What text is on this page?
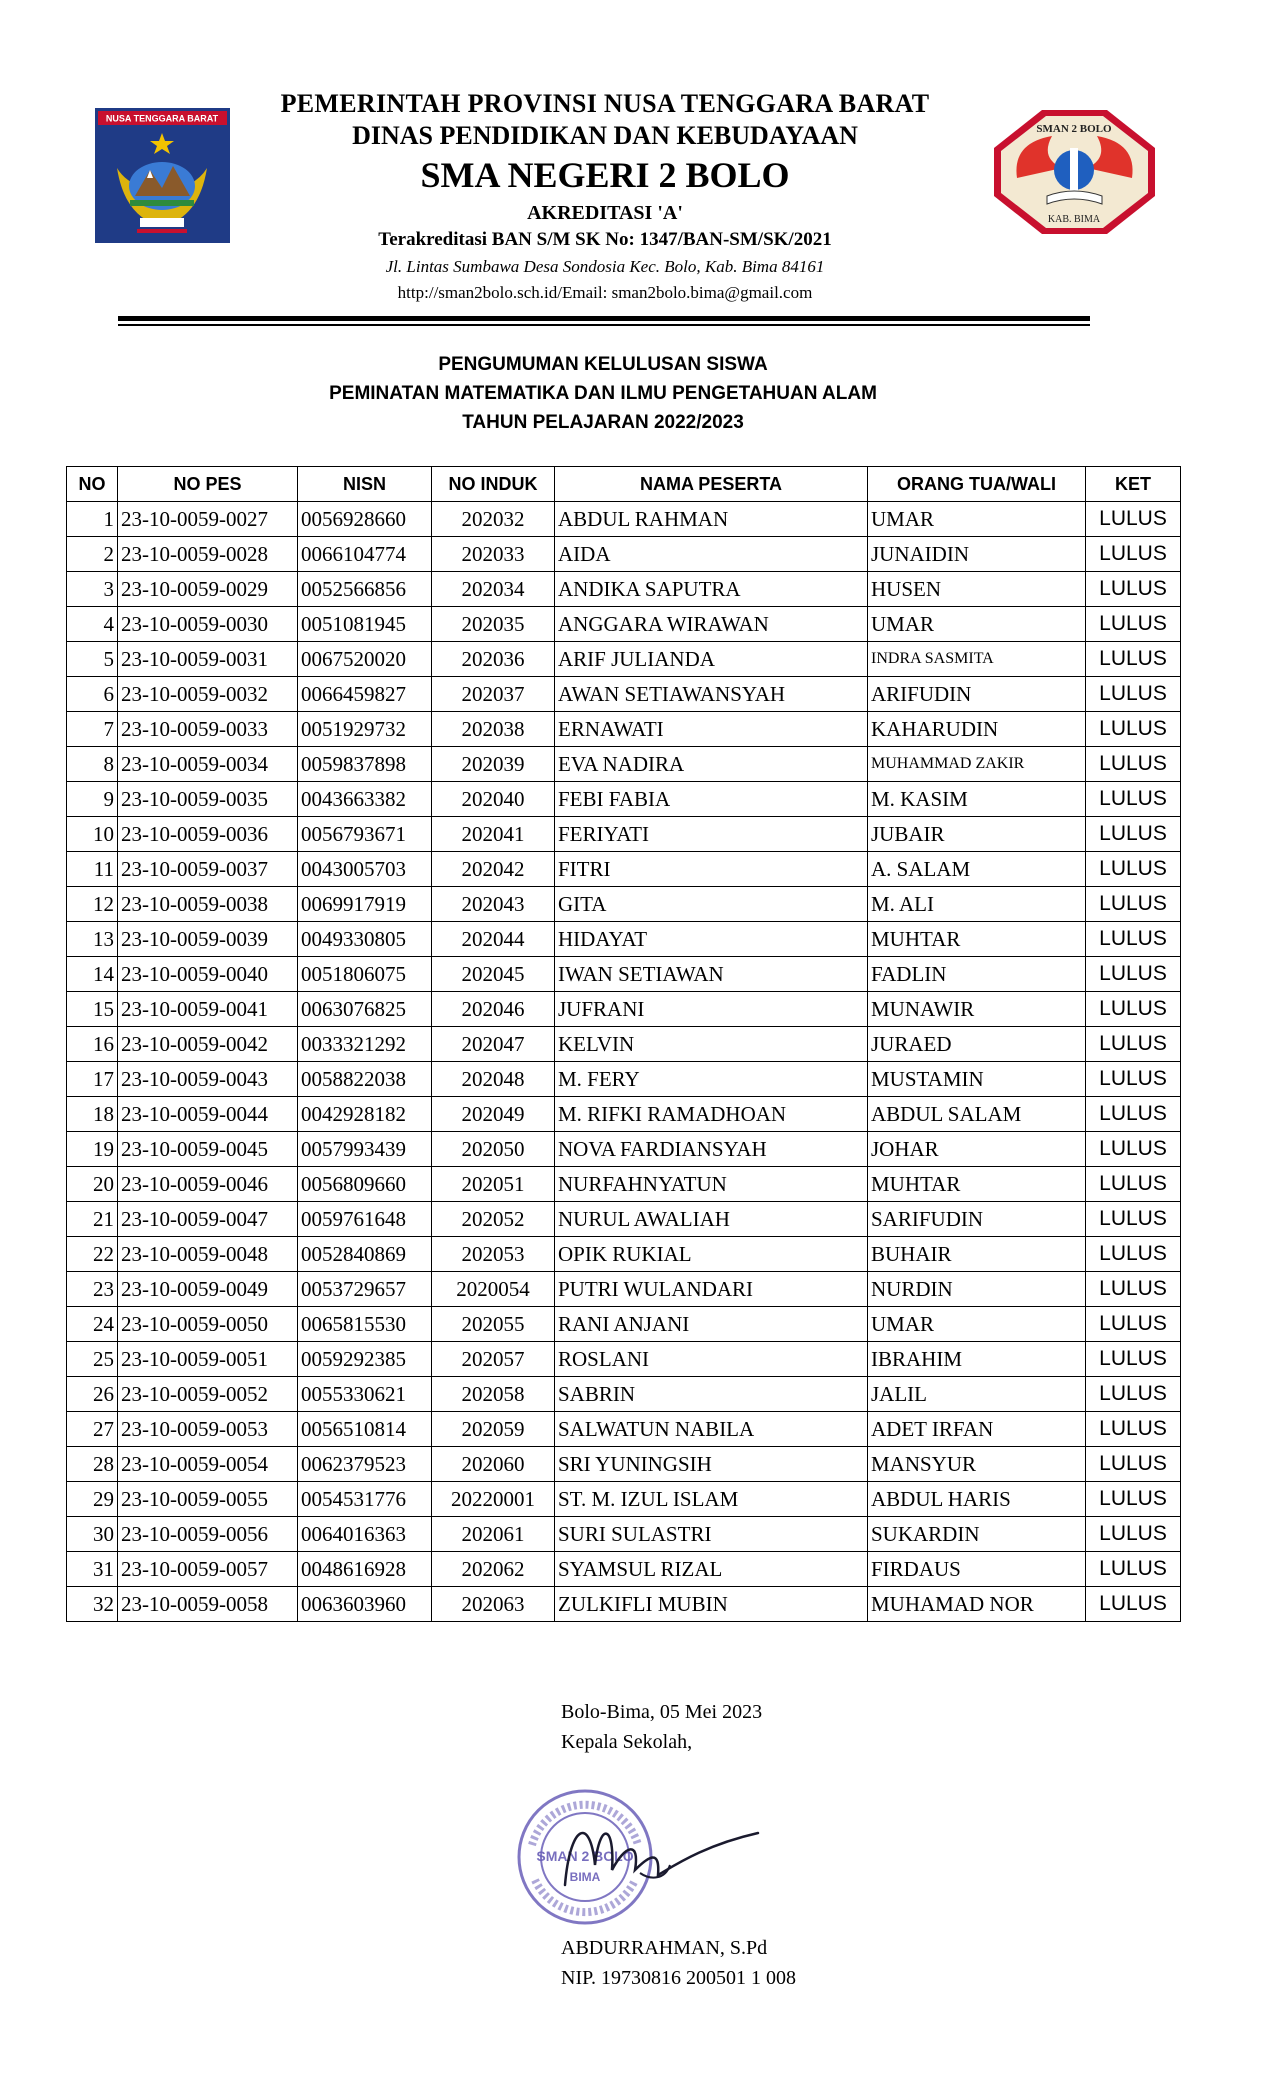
NUSA TENGGARA BARAT
SMAN 2 BOLO
KAB. BIMA
PEMERINTAH PROVINSI NUSA TENGGARA BARAT
DINAS PENDIDIKAN DAN KEBUDAYAAN
SMA NEGERI 2 BOLO
AKREDITASI 'A'
Terakreditasi BAN S/M SK No: 1347/BAN-SM/SK/2021
Jl. Lintas Sumbawa Desa Sondosia Kec. Bolo, Kab. Bima 84161
http://sman2bolo.sch.id/Email: sman2bolo.bima@gmail.com
PENGUMUMAN KELULUSAN SISWA
PEMINATAN MATEMATIKA DAN ILMU PENGETAHUAN ALAM
TAHUN PELAJARAN 2022/2023
NO	NO PES	NISN	NO INDUK	NAMA PESERTA	ORANG TUA/WALI	KET
1	23-10-0059-0027	0056928660	202032	ABDUL RAHMAN	UMAR	LULUS
2	23-10-0059-0028	0066104774	202033	AIDA	JUNAIDIN	LULUS
3	23-10-0059-0029	0052566856	202034	ANDIKA SAPUTRA	HUSEN	LULUS
4	23-10-0059-0030	0051081945	202035	ANGGARA WIRAWAN	UMAR	LULUS
5	23-10-0059-0031	0067520020	202036	ARIF JULIANDA	INDRA SASMITA	LULUS
6	23-10-0059-0032	0066459827	202037	AWAN SETIAWANSYAH	ARIFUDIN	LULUS
7	23-10-0059-0033	0051929732	202038	ERNAWATI	KAHARUDIN	LULUS
8	23-10-0059-0034	0059837898	202039	EVA NADIRA	MUHAMMAD ZAKIR	LULUS
9	23-10-0059-0035	0043663382	202040	FEBI FABIA	M. KASIM	LULUS
10	23-10-0059-0036	0056793671	202041	FERIYATI	JUBAIR	LULUS
11	23-10-0059-0037	0043005703	202042	FITRI	A. SALAM	LULUS
12	23-10-0059-0038	0069917919	202043	GITA	M. ALI	LULUS
13	23-10-0059-0039	0049330805	202044	HIDAYAT	MUHTAR	LULUS
14	23-10-0059-0040	0051806075	202045	IWAN SETIAWAN	FADLIN	LULUS
15	23-10-0059-0041	0063076825	202046	JUFRANI	MUNAWIR	LULUS
16	23-10-0059-0042	0033321292	202047	KELVIN	JURAED	LULUS
17	23-10-0059-0043	0058822038	202048	M. FERY	MUSTAMIN	LULUS
18	23-10-0059-0044	0042928182	202049	M. RIFKI RAMADHOAN	ABDUL SALAM	LULUS
19	23-10-0059-0045	0057993439	202050	NOVA FARDIANSYAH	JOHAR	LULUS
20	23-10-0059-0046	0056809660	202051	NURFAHNYATUN	MUHTAR	LULUS
21	23-10-0059-0047	0059761648	202052	NURUL AWALIAH	SARIFUDIN	LULUS
22	23-10-0059-0048	0052840869	202053	OPIK RUKIAL	BUHAIR	LULUS
23	23-10-0059-0049	0053729657	2020054	PUTRI WULANDARI	NURDIN	LULUS
24	23-10-0059-0050	0065815530	202055	RANI ANJANI	UMAR	LULUS
25	23-10-0059-0051	0059292385	202057	ROSLANI	IBRAHIM	LULUS
26	23-10-0059-0052	0055330621	202058	SABRIN	JALIL	LULUS
27	23-10-0059-0053	0056510814	202059	SALWATUN NABILA	ADET IRFAN	LULUS
28	23-10-0059-0054	0062379523	202060	SRI YUNINGSIH	MANSYUR	LULUS
29	23-10-0059-0055	0054531776	20220001	ST. M. IZUL ISLAM	ABDUL HARIS	LULUS
30	23-10-0059-0056	0064016363	202061	SURI SULASTRI	SUKARDIN	LULUS
31	23-10-0059-0057	0048616928	202062	SYAMSUL RIZAL	FIRDAUS	LULUS
32	23-10-0059-0058	0063603960	202063	ZULKIFLI MUBIN	MUHAMAD NOR	LULUS
Bolo-Bima, 05 Mei 2023
Kepala Sekolah,
SMAN 2 BOLO
BIMA
ABDURRAHMAN, S.Pd
NIP. 19730816 200501 1 008
